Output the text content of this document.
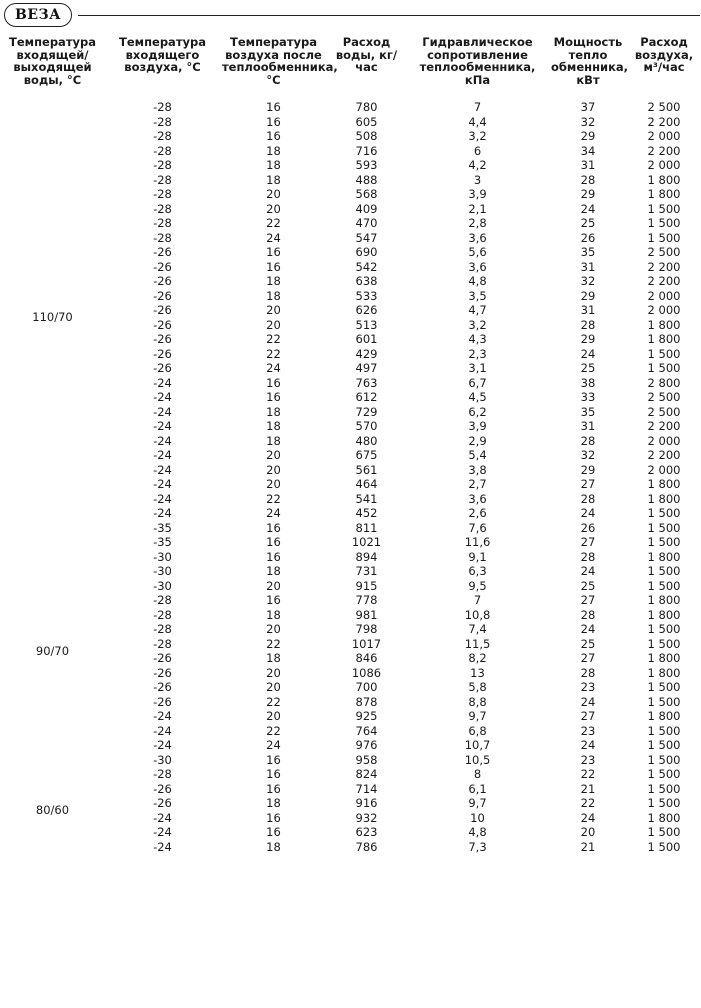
ВЕЗА
Температура входящей/ выходящей воды, °С	Температура входящего воздуха, °С	Температура воздуха после теплообменника, °С	Расход воды, кг/час	Гидравлическое сопротивление теплообменника, кПа	Мощность тепло обменника, кВт	Расход воздуха, м³/час
110/70	-28	16	780	7	37	2 500
	-28	16	605	4,4	32	2 200
	-28	16	508	3,2	29	2 000
	-28	18	716	6	34	2 200
	-28	18	593	4,2	31	2 000
	-28	18	488	3	28	1 800
	-28	20	568	3,9	29	1 800
	-28	20	409	2,1	24	1 500
	-28	22	470	2,8	25	1 500
	-28	24	547	3,6	26	1 500
	-26	16	690	5,6	35	2 500
	-26	16	542	3,6	31	2 200
	-26	18	638	4,8	32	2 200
	-26	18	533	3,5	29	2 000
	-26	20	626	4,7	31	2 000
	-26	20	513	3,2	28	1 800
	-26	22	601	4,3	29	1 800
	-26	22	429	2,3	24	1 500
	-26	24	497	3,1	25	1 500
	-24	16	763	6,7	38	2 800
	-24	16	612	4,5	33	2 500
	-24	18	729	6,2	35	2 500
	-24	18	570	3,9	31	2 200
	-24	18	480	2,9	28	2 000
	-24	20	675	5,4	32	2 200
	-24	20	561	3,8	29	2 000
	-24	20	464	2,7	27	1 800
	-24	22	541	3,6	28	1 800
	-24	24	452	2,6	24	1 500
	-35	16	811	7,6	26	1 500
90/70	-35	16	1021	11,6	27	1 500
	-30	16	894	9,1	28	1 800
	-30	18	731	6,3	24	1 500
	-30	20	915	9,5	25	1 500
	-28	16	778	7	27	1 800
	-28	18	981	10,8	28	1 800
	-28	20	798	7,4	24	1 500
	-28	22	1017	11,5	25	1 500
	-26	18	846	8,2	27	1 800
	-26	20	1086	13	28	1 800
	-26	20	700	5,8	23	1 500
	-26	22	878	8,8	24	1 500
	-24	20	925	9,7	27	1 800
	-24	22	764	6,8	23	1 500
	-24	24	976	10,7	24	1 500
	-30	16	958	10,5	23	1 500
80/60	-28	16	824	8	22	1 500
	-26	16	714	6,1	21	1 500
	-26	18	916	9,7	22	1 500
	-24	16	932	10	24	1 800
	-24	16	623	4,8	20	1 500
	-24	18	786	7,3	21	1 500
